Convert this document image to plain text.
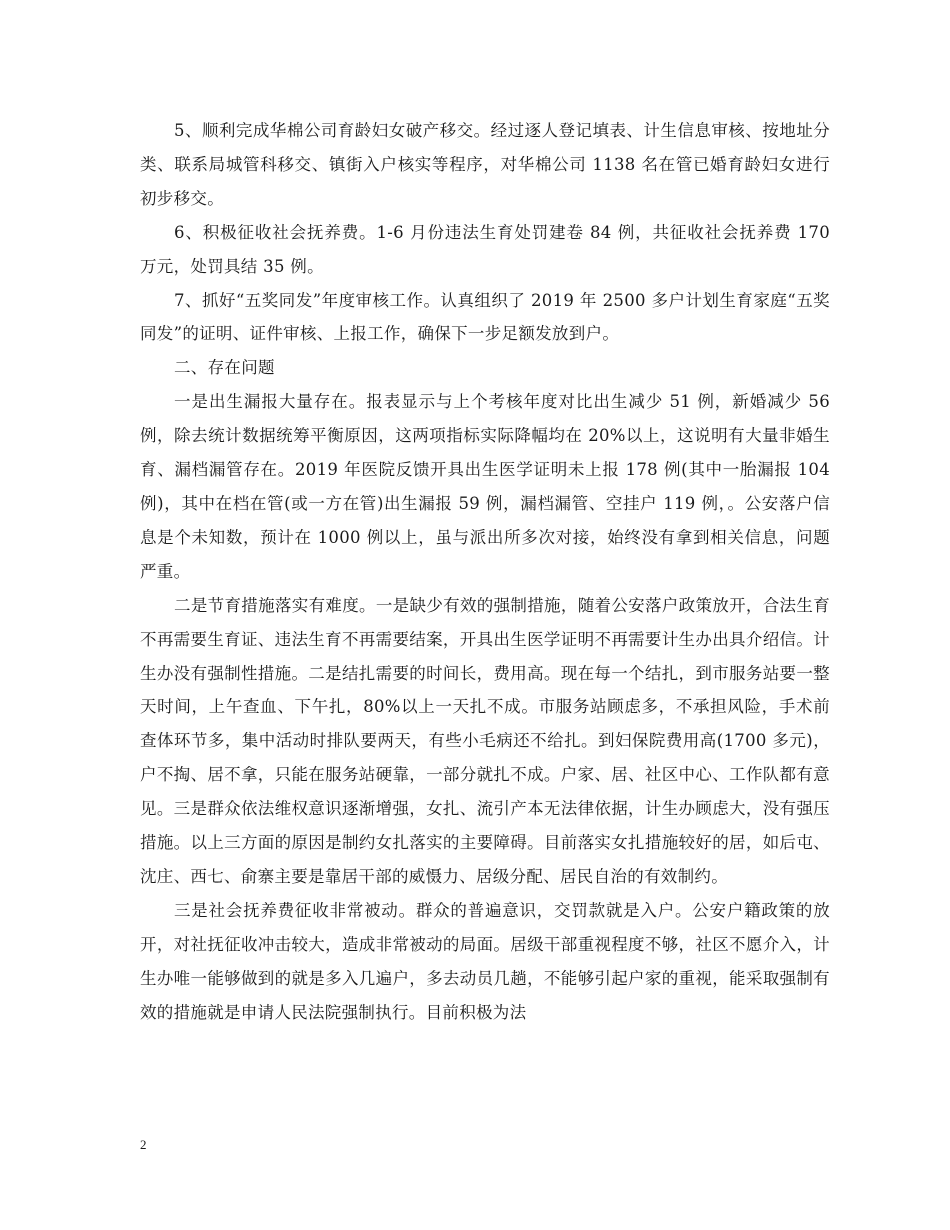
5、顺利完成华棉公司育龄妇女破产移交。经过逐人登记填表、计生信息审核、按地址分类、联系局城管科移交、镇街入户核实等程序，对华棉公司 1138 名在管已婚育龄妇女进行初步移交。

6、积极征收社会抚养费。1-6 月份违法生育处罚建卷 84 例，共征收社会抚养费 170 万元，处罚具结 35 例。

7、抓好“五奖同发”年度审核工作。认真组织了 2019 年 2500 多户计划生育家庭“五奖同发”的证明、证件审核、上报工作，确保下一步足额发放到户。

二、存在问题

一是出生漏报大量存在。报表显示与上个考核年度对比出生减少 51 例，新婚减少 56 例，除去统计数据统筹平衡原因，这两项指标实际降幅均在 20%以上，这说明有大量非婚生育、漏档漏管存在。2019 年医院反馈开具出生医学证明未上报 178 例(其中一胎漏报 104 例)，其中在档在管(或一方在管)出生漏报 59 例，漏档漏管、空挂户 119 例，。公安落户信息是个未知数，预计在 1000 例以上，虽与派出所多次对接，始终没有拿到相关信息，问题严重。

二是节育措施落实有难度。一是缺少有效的强制措施，随着公安落户政策放开，合法生育不再需要生育证、违法生育不再需要结案，开具出生医学证明不再需要计生办出具介绍信。计生办没有强制性措施。二是结扎需要的时间长，费用高。现在每一个结扎，到市服务站要一整天时间，上午查血、下午扎，80%以上一天扎不成。市服务站顾虑多，不承担风险，手术前查体环节多，集中活动时排队要两天，有些小毛病还不给扎。到妇保院费用高(1700 多元)，户不掏、居不拿，只能在服务站硬靠，一部分就扎不成。户家、居、社区中心、工作队都有意见。三是群众依法维权意识逐渐增强，女扎、流引产本无法律依据，计生办顾虑大，没有强压措施。以上三方面的原因是制约女扎落实的主要障碍。目前落实女扎措施较好的居，如后屯、沈庄、西七、俞寨主要是靠居干部的威慑力、居级分配、居民自治的有效制约。

三是社会抚养费征收非常被动。群众的普遍意识，交罚款就是入户。公安户籍政策的放开，对社抚征收冲击较大，造成非常被动的局面。居级干部重视程度不够，社区不愿介入，计生办唯一能够做到的就是多入几遍户，多去动员几趟，不能够引起户家的重视，能采取强制有效的措施就是申请人民法院强制执行。目前积极为法

2
